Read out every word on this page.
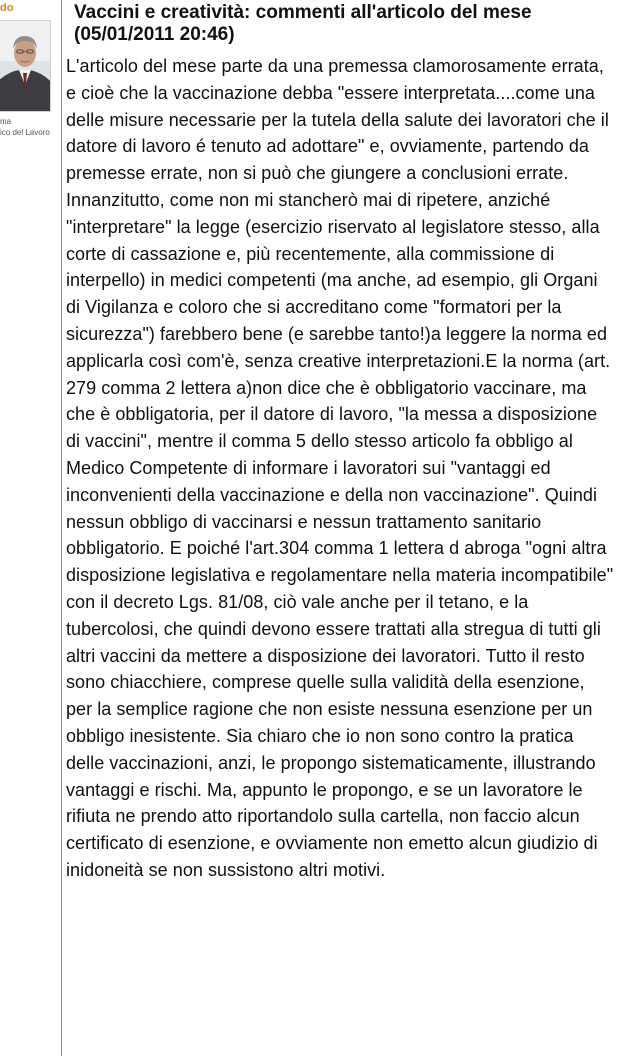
do
ma
ico del Lavoro
Vaccini e creatività: commenti all'articolo del mese (05/01/2011 20:46)

L'articolo del mese parte da una premessa clamorosamente errata, e cioè che la vaccinazione debba "essere interpretata....come una delle misure necessarie per la tutela della salute dei lavoratori che il datore di lavoro é tenuto ad adottare" e, ovviamente, partendo da premesse errate, non si può che giungere a conclusioni errate. Innanzitutto, come non mi stancherò mai di ripetere, anziché "interpretare" la legge (esercizio riservato al legislatore stesso, alla corte di cassazione e, più recentemente, alla commissione di interpello) in medici competenti (ma anche, ad esempio, gli Organi di Vigilanza e coloro che si accreditano come "formatori per la sicurezza") farebbero bene (e sarebbe tanto!)a leggere la norma ed applicarla così com'è, senza creative interpretazioni.E la norma (art. 279 comma 2 lettera a)non dice che è obbligatorio vaccinare, ma che è obbligatoria, per il datore di lavoro, "la messa a disposizione di vaccini", mentre il comma 5 dello stesso articolo fa obbligo al Medico Competente di informare i lavoratori sui "vantaggi ed inconvenienti della vaccinazione e della non vaccinazione". Quindi nessun obbligo di vaccinarsi e nessun trattamento sanitario obbligatorio. E poiché l'art.304 comma 1 lettera d abroga "ogni altra disposizione legislativa e regolamentare nella materia incompatibile" con il decreto Lgs. 81/08, ciò vale anche per il tetano, e la tubercolosi, che quindi devono essere trattati alla stregua di tutti gli altri vaccini da mettere a disposizione dei lavoratori. Tutto il resto sono chiacchiere, comprese quelle sulla validità della esenzione, per la semplice ragione che non esiste nessuna esenzione per un obbligo inesistente. Sia chiaro che io non sono contro la pratica delle vaccinazioni, anzi, le propongo sistematicamente, illustrando vantaggi e rischi. Ma, appunto le propongo, e se un lavoratore le rifiuta ne prendo atto riportandolo sulla cartella, non faccio alcun certificato di esenzione, e ovviamente non emetto alcun giudizio di inidoneità se non sussistono altri motivi.
